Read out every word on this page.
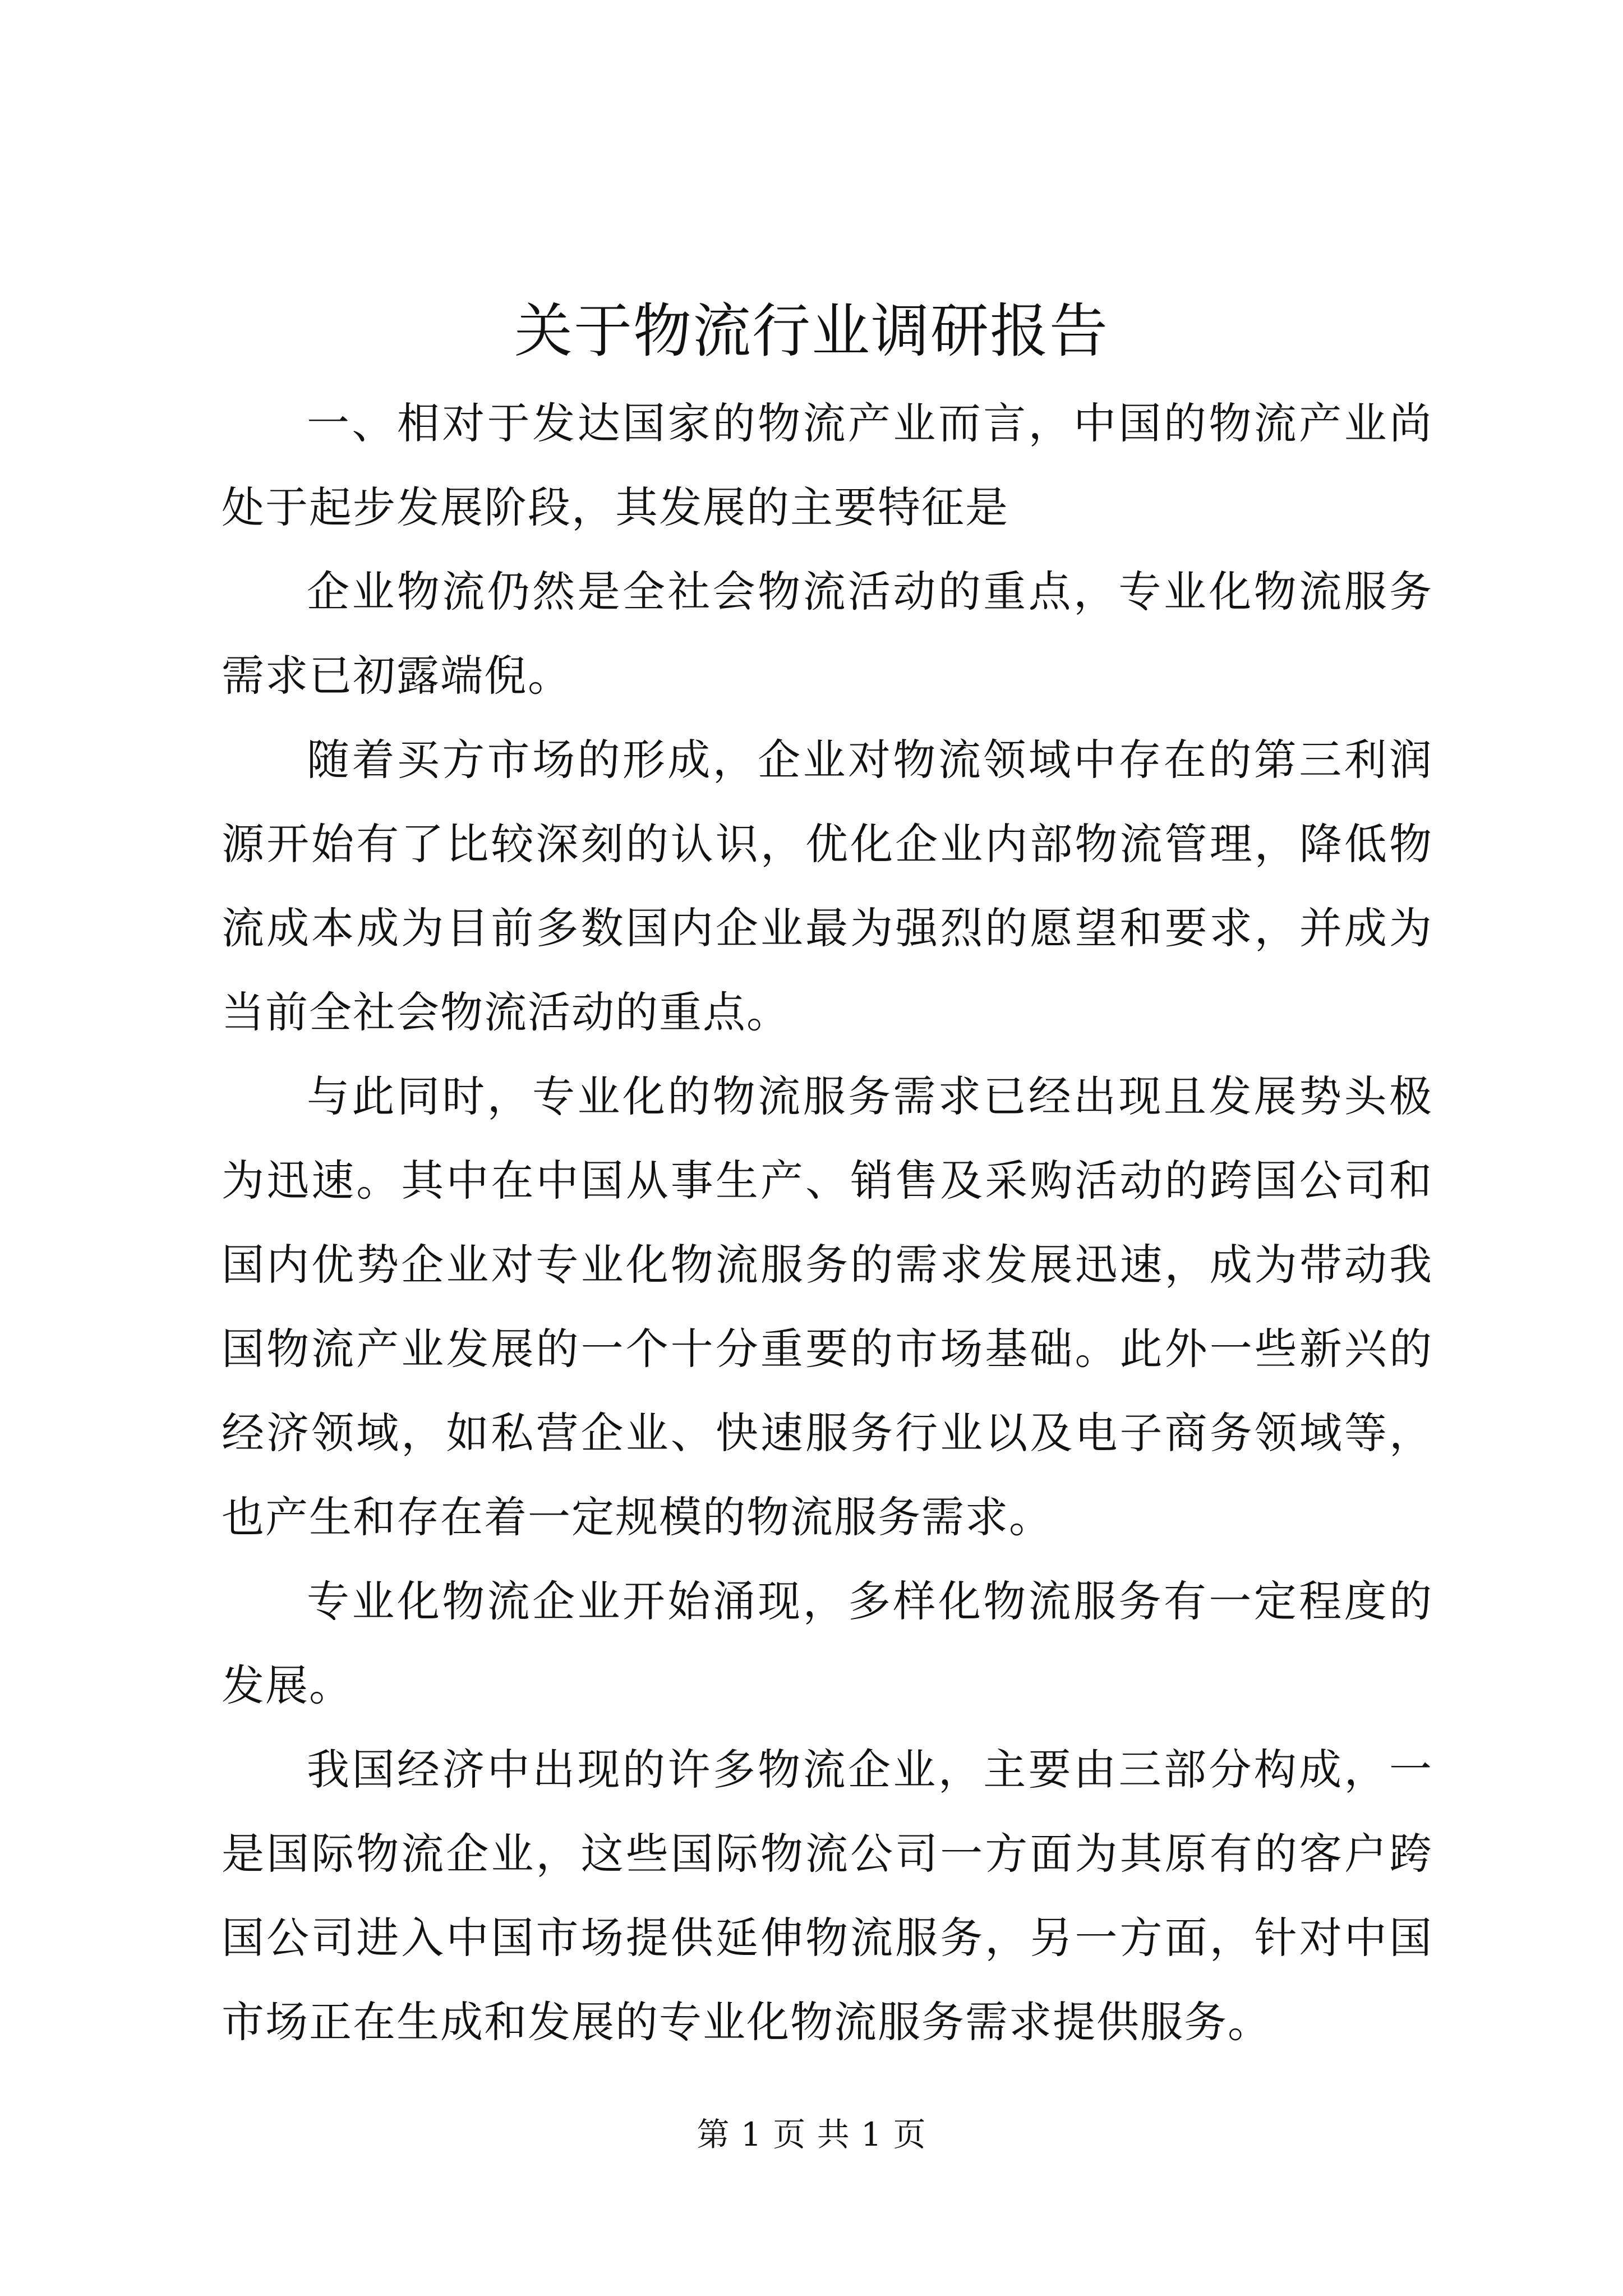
关于物流行业调研报告

一、相对于发达国家的物流产业而言，中国的物流产业尚处于起步发展阶段，其发展的主要特征是

企业物流仍然是全社会物流活动的重点，专业化物流服务需求已初露端倪。

随着买方市场的形成，企业对物流领域中存在的第三利润源开始有了比较深刻的认识，优化企业内部物流管理，降低物流成本成为目前多数国内企业最为强烈的愿望和要求，并成为当前全社会物流活动的重点。

与此同时，专业化的物流服务需求已经出现且发展势头极为迅速。其中在中国从事生产、销售及采购活动的跨国公司和国内优势企业对专业化物流服务的需求发展迅速，成为带动我国物流产业发展的一个十分重要的市场基础。此外一些新兴的经济领域，如私营企业、快速服务行业以及电子商务领域等，也产生和存在着一定规模的物流服务需求。

专业化物流企业开始涌现，多样化物流服务有一定程度的发展。

我国经济中出现的许多物流企业，主要由三部分构成，一是国际物流企业，这些国际物流公司一方面为其原有的客户跨国公司进入中国市场提供延伸物流服务，另一方面，针对中国市场正在生成和发展的专业化物流服务需求提供服务。

第 1 页 共 1 页
